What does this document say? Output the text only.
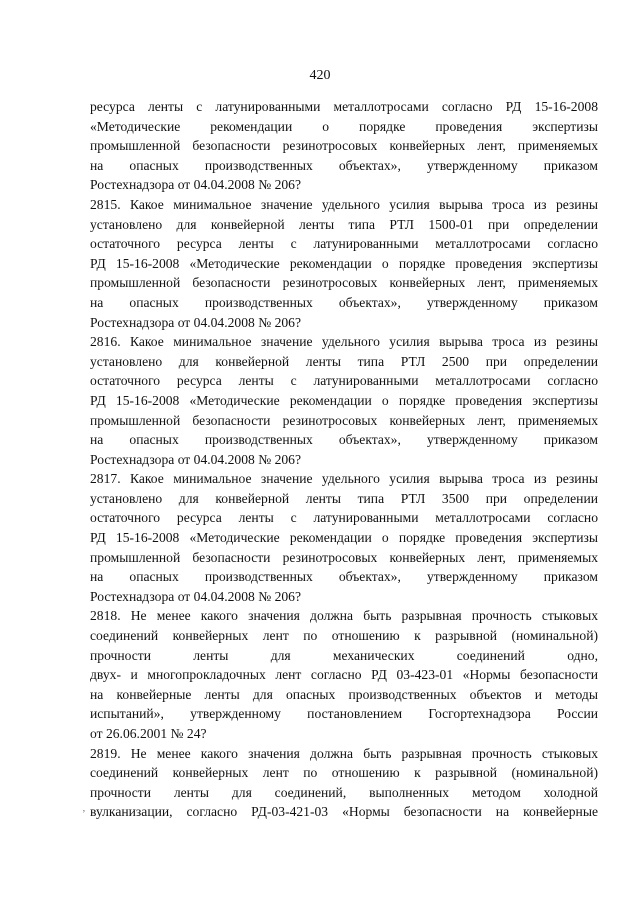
420
ресурса ленты с латунированными металлотросами согласно РД 15-16-2008
«Методические рекомендации о порядке проведения экспертизы
промышленной безопасности резинотросовых конвейерных лент, применяемых
на опасных производственных объектах», утвержденному приказом
Ростехнадзора от 04.04.2008 № 206?
2815. Какое минимальное значение удельного усилия вырыва троса из резины
установлено для конвейерной ленты типа РТЛ 1500-01 при определении
остаточного ресурса ленты с латунированными металлотросами согласно
РД 15-16-2008 «Методические рекомендации о порядке проведения экспертизы
промышленной безопасности резинотросовых конвейерных лент, применяемых
на опасных производственных объектах», утвержденному приказом
Ростехнадзора от 04.04.2008 № 206?
2816. Какое минимальное значение удельного усилия вырыва троса из резины
установлено для конвейерной ленты типа РТЛ 2500 при определении
остаточного ресурса ленты с латунированными металлотросами согласно
РД 15-16-2008 «Методические рекомендации о порядке проведения экспертизы
промышленной безопасности резинотросовых конвейерных лент, применяемых
на опасных производственных объектах», утвержденному приказом
Ростехнадзора от 04.04.2008 № 206?
2817. Какое минимальное значение удельного усилия вырыва троса из резины
установлено для конвейерной ленты типа РТЛ 3500 при определении
остаточного ресурса ленты с латунированными металлотросами согласно
РД 15-16-2008 «Методические рекомендации о порядке проведения экспертизы
промышленной безопасности резинотросовых конвейерных лент, применяемых
на опасных производственных объектах», утвержденному приказом
Ростехнадзора от 04.04.2008 № 206?
2818. Не менее какого значения должна быть разрывная прочность стыковых
соединений конвейерных лент по отношению к разрывной (номинальной)
прочности ленты для механических соединений одно,
двух- и многопрокладочных лент согласно РД 03-423-01 «Нормы безопасности
на конвейерные ленты для опасных производственных объектов и методы
испытаний», утвержденному постановлением Госгортехнадзора России
от 26.06.2001 № 24?
2819. Не менее какого значения должна быть разрывная прочность стыковых
соединений конвейерных лент по отношению к разрывной (номинальной)
прочности ленты для соединений, выполненных методом холодной
вулканизации, согласно РД-03-421-03 «Нормы безопасности на конвейерные
‚
